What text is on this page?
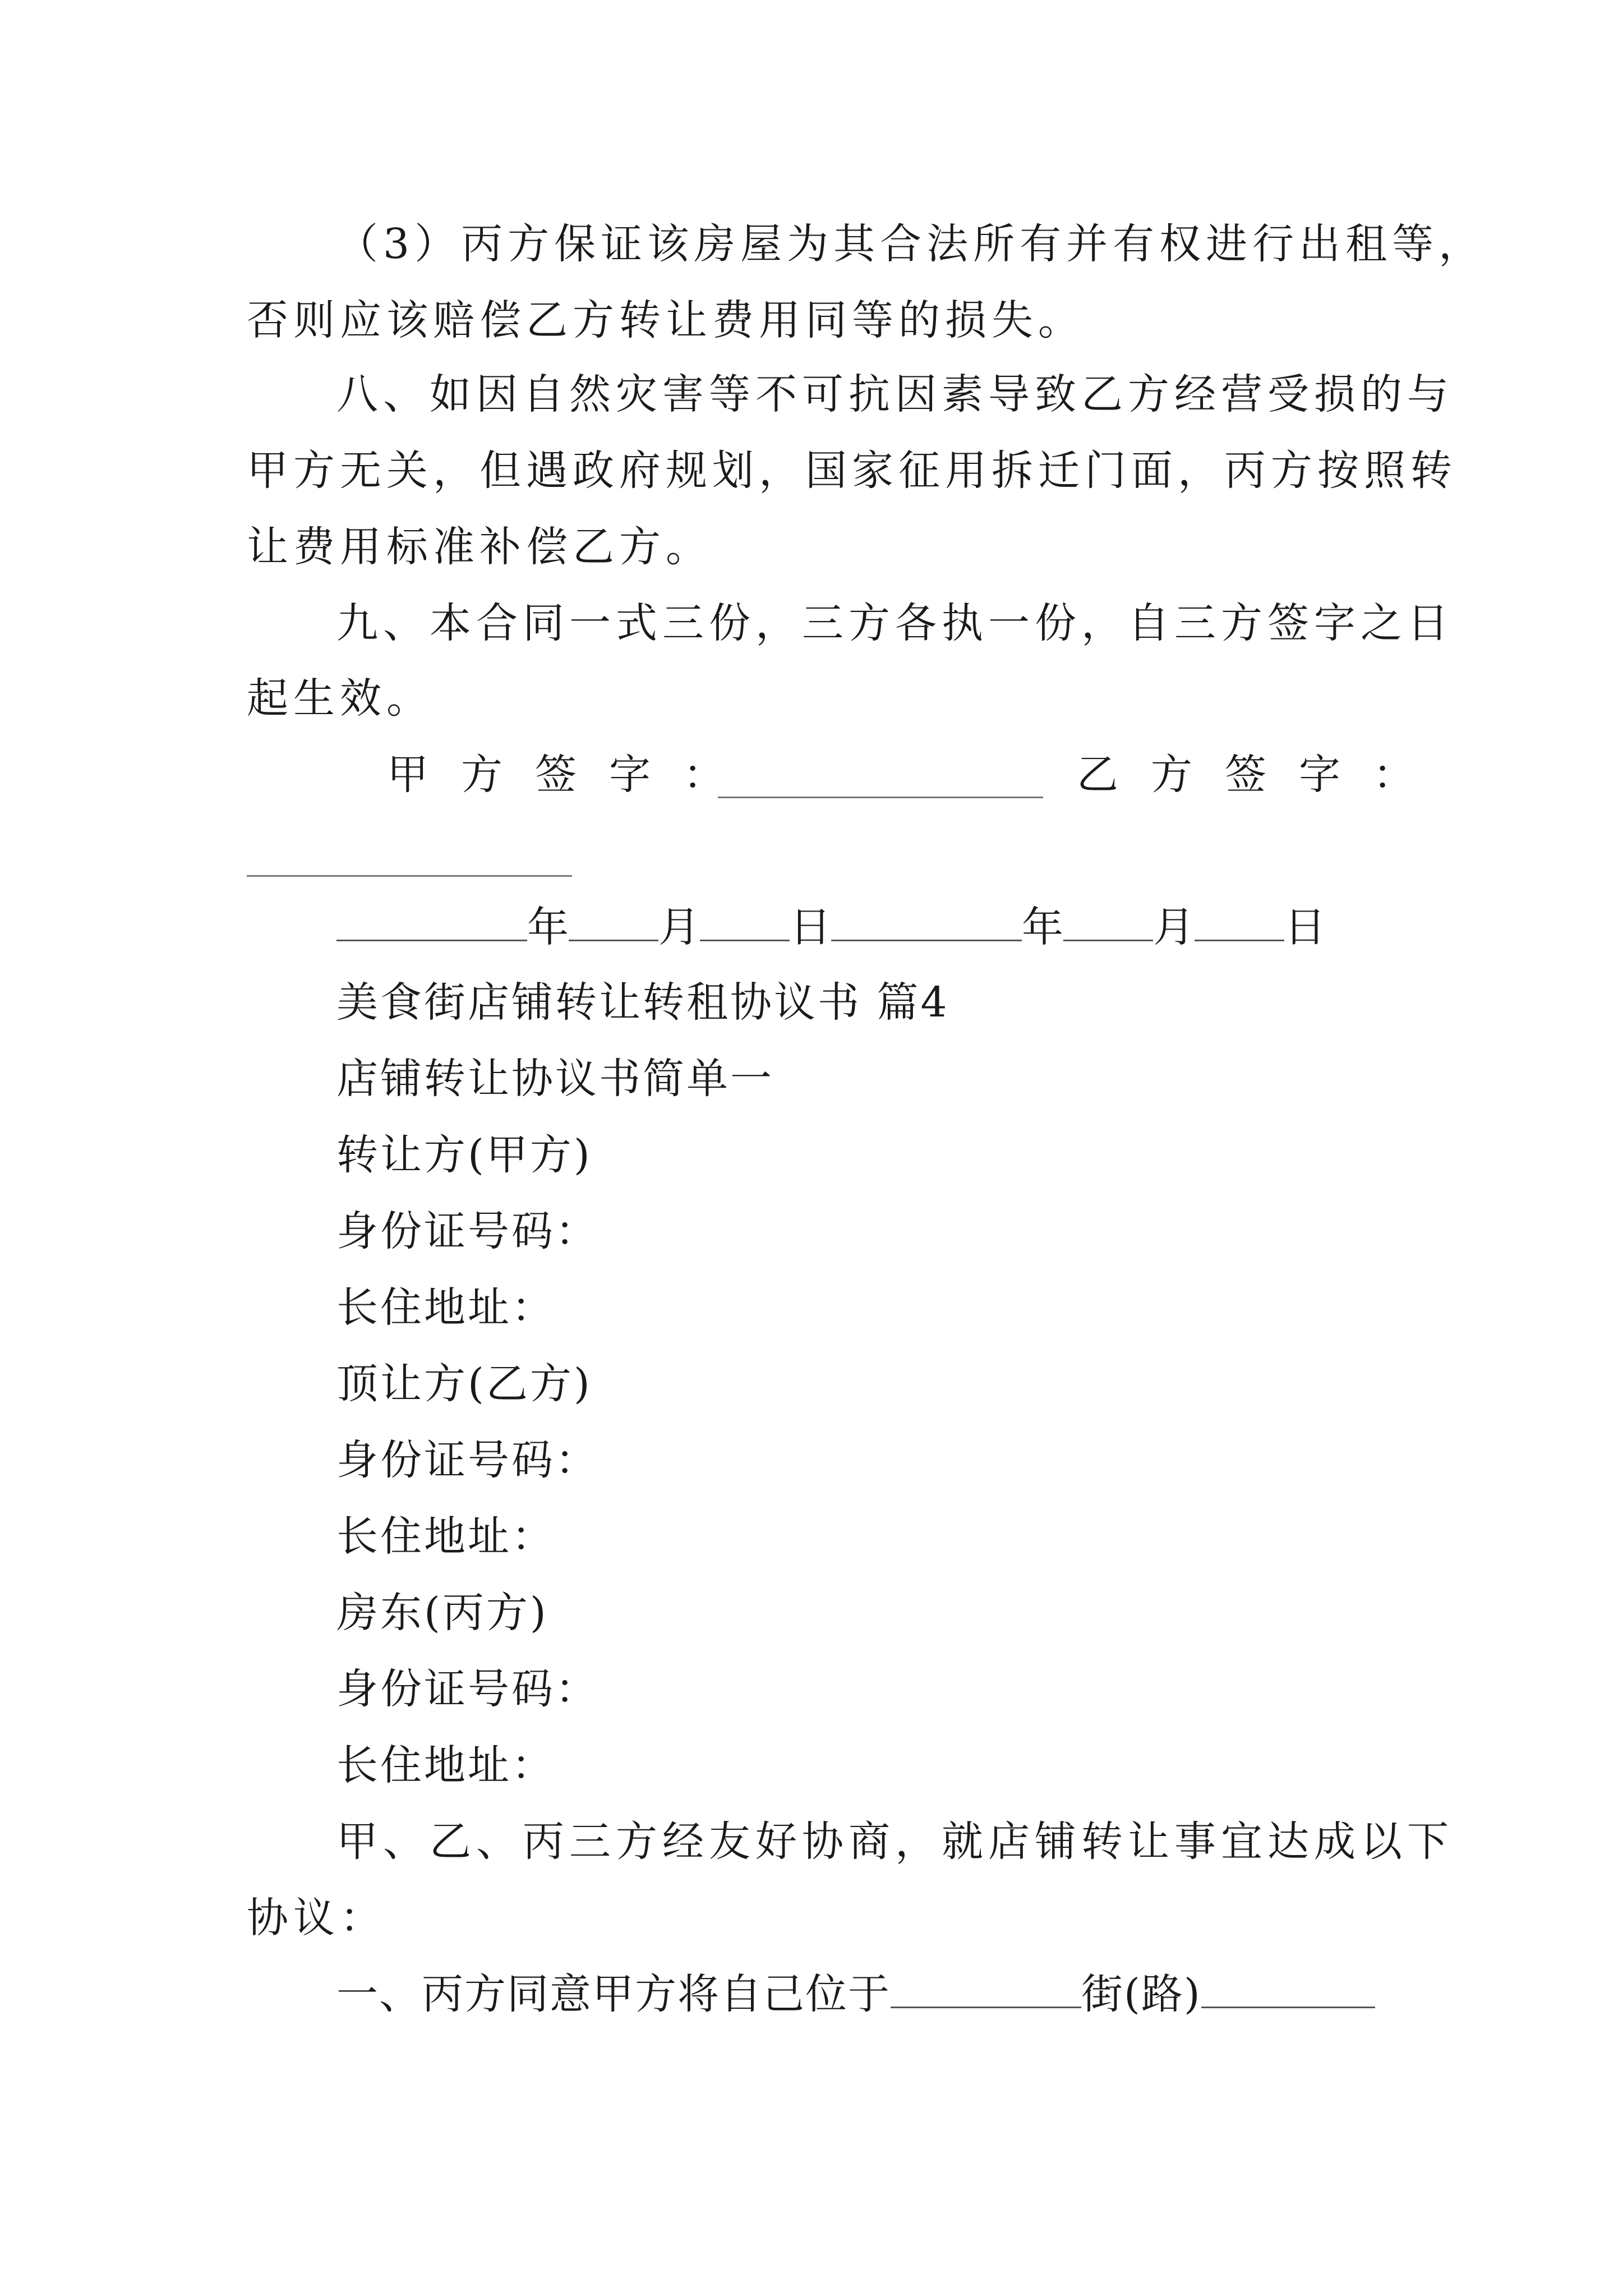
（3）丙方保证该房屋为其合法所有并有权进行出租等，
否则应该赔偿乙方转让费用同等的损失。
八、如因自然灾害等不可抗因素导致乙方经营受损的与
甲方无关，但遇政府规划，国家征用拆迁门面，丙方按照转
让费用标准补偿乙方。
九、本合同一式三份，三方各执一份，自三方签字之日
起生效。
甲方签字：	乙方签字：
年 月 日	年 月 日
美食街店铺转让转租协议书 篇4
店铺转让协议书简单一
转让方(甲方)
身份证号码：
长住地址：
顶让方(乙方)
身份证号码：
长住地址：
房东(丙方)
身份证号码：
长住地址：
甲、乙、丙三方经友好协商，就店铺转让事宜达成以下
协议：
一、丙方同意甲方将自己位于	街(路)
